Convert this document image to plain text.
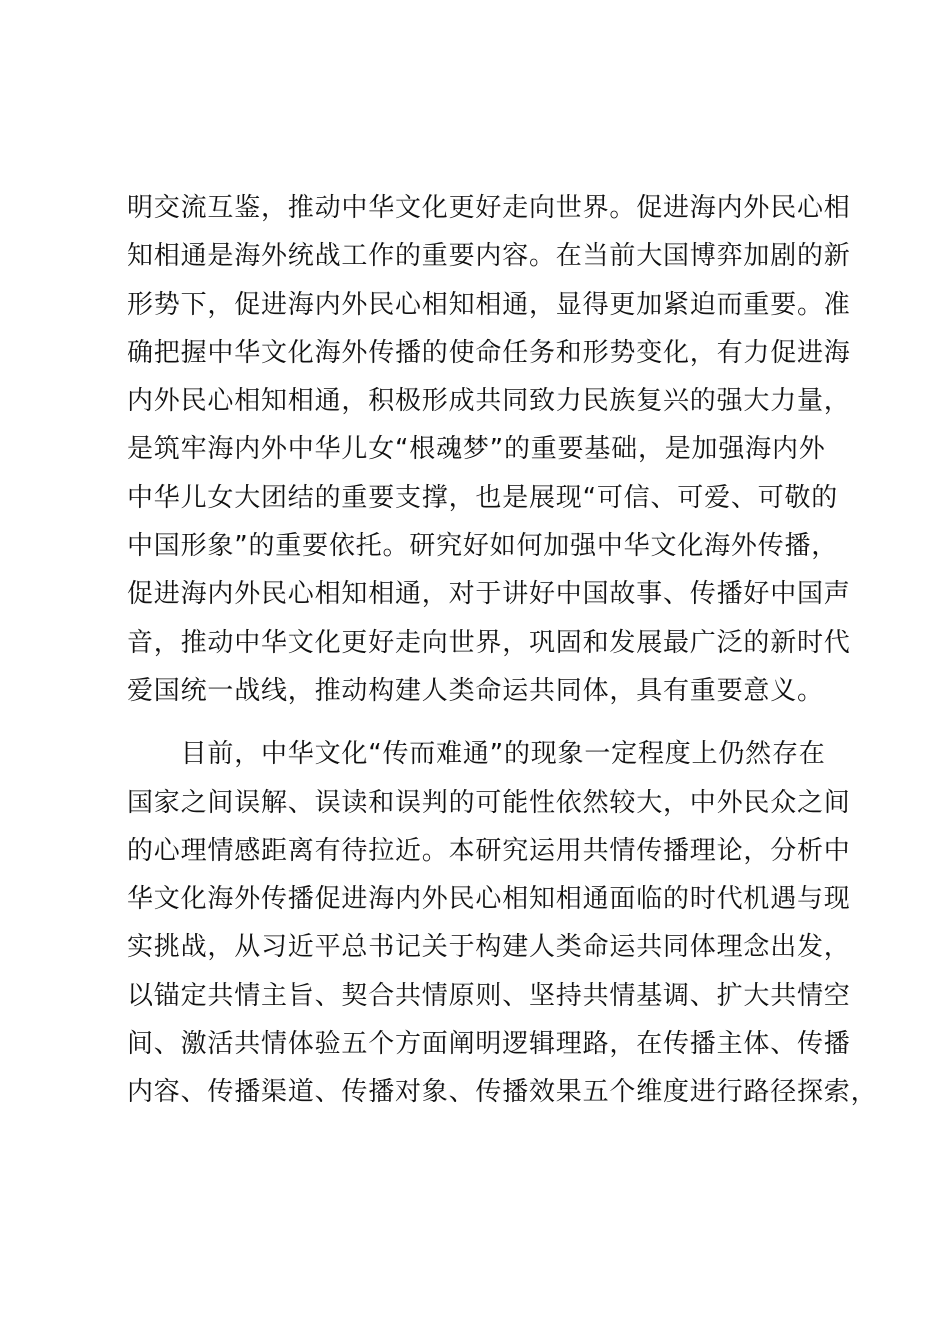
明交流互鉴，推动中华文化更好走向世界。促进海内外民心相
知相通是海外统战工作的重要内容。在当前大国博弈加剧的新
形势下，促进海内外民心相知相通，显得更加紧迫而重要。准
确把握中华文化海外传播的使命任务和形势变化，有力促进海
内外民心相知相通，积极形成共同致力民族复兴的强大力量，
是筑牢海内外中华儿女“根魂梦”的重要基础，是加强海内外
中华儿女大团结的重要支撑，也是展现“可信、可爱、可敬的
中国形象”的重要依托。研究好如何加强中华文化海外传播，
促进海内外民心相知相通，对于讲好中国故事、传播好中国声
音，推动中华文化更好走向世界，巩固和发展最广泛的新时代
爱国统一战线，推动构建人类命运共同体，具有重要意义。
　　目前，中华文化“传而难通”的现象一定程度上仍然存在
国家之间误解、误读和误判的可能性依然较大，中外民众之间
的心理情感距离有待拉近。本研究运用共情传播理论，分析中
华文化海外传播促进海内外民心相知相通面临的时代机遇与现
实挑战，从习近平总书记关于构建人类命运共同体理念出发，
以锚定共情主旨、契合共情原则、坚持共情基调、扩大共情空
间、激活共情体验五个方面阐明逻辑理路，在传播主体、传播
内容、传播渠道、传播对象、传播效果五个维度进行路径探索，
